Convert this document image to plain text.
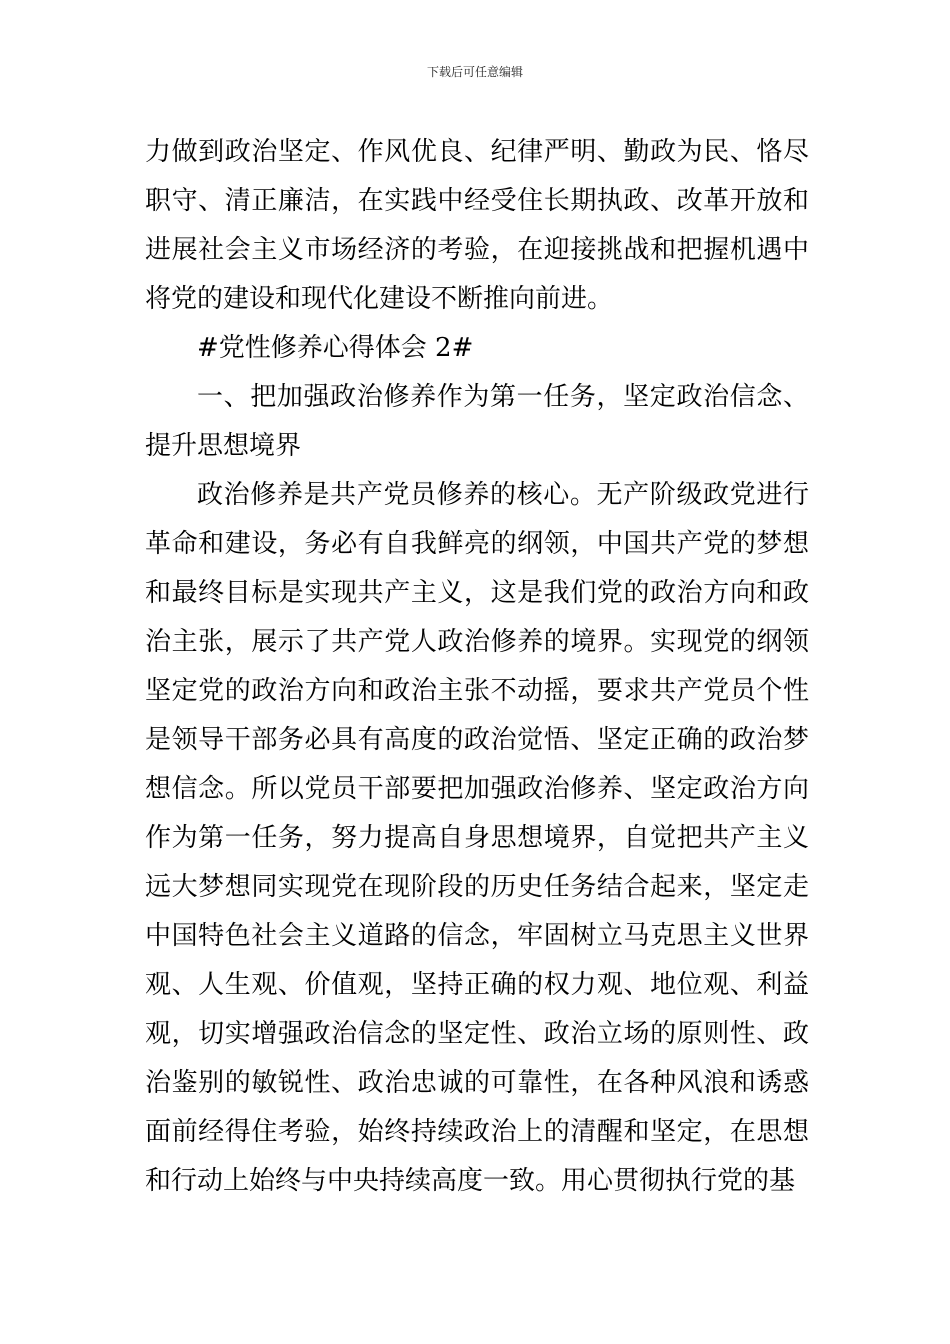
下载后可任意编辑

力做到政治坚定、作风优良、纪律严明、勤政为民、恪尽职守、清正廉洁，在实践中经受住长期执政、改革开放和进展社会主义市场经济的考验，在迎接挑战和把握机遇中将党的建设和现代化建设不断推向前进。

#党性修养心得体会 2#

一、把加强政治修养作为第一任务，坚定政治信念、提升思想境界

政治修养是共产党员修养的核心。无产阶级政党进行革命和建设，务必有自我鲜亮的纲领，中国共产党的梦想和最终目标是实现共产主义，这是我们党的政治方向和政治主张，展示了共产党人政治修养的境界。实现党的纲领坚定党的政治方向和政治主张不动摇，要求共产党员个性是领导干部务必具有高度的政治觉悟、坚定正确的政治梦想信念。所以党员干部要把加强政治修养、坚定政治方向作为第一任务，努力提高自身思想境界，自觉把共产主义远大梦想同实现党在现阶段的历史任务结合起来，坚定走中国特色社会主义道路的信念，牢固树立马克思主义世界观、人生观、价值观，坚持正确的权力观、地位观、利益观，切实增强政治信念的坚定性、政治立场的原则性、政治鉴别的敏锐性、政治忠诚的可靠性，在各种风浪和诱惑面前经得住考验，始终持续政治上的清醒和坚定，在思想和行动上始终与中央持续高度一致。用心贯彻执行党的基
